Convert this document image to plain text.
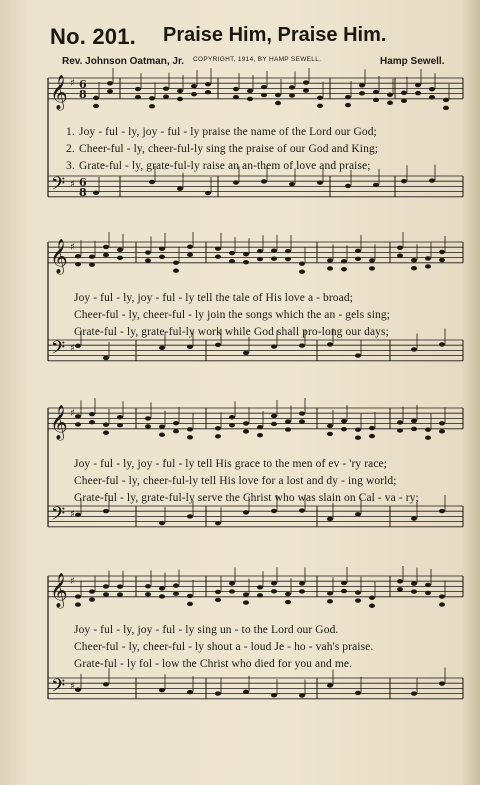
No. 201. Praise Him, Praise Him.
Rev. Johnson Oatman, Jr. COPYRIGHT, 1914, BY HAMP SEWELL.	Hamp Sewell.
𝄞
𝄢
♯
♯
6
6
8
8
1. Joy - ful - ly, joy - ful - ly praise the name of the Lord our God;
2. Cheer-ful - ly, cheer-ful-ly sing the praise of our God and King;
3. Grate-ful - ly, grate-ful-ly raise an an-them of love and praise;
𝄞
𝄢
♯
♯
Joy - ful - ly, joy - ful - ly tell the tale of His love a - broad;
Cheer-ful - ly, cheer-ful - ly join the songs which the an - gels sing;
Grate-ful - ly, grate-ful-ly work while God shall pro-long our days;
𝄞
𝄢
♯
♯
Joy - ful - ly, joy - ful - ly tell His grace to the men of ev - 'ry race;
Cheer-ful - ly, cheer-ful-ly tell His love for a lost and dy - ing world;
Grate-ful - ly, grate-ful-ly serve the Christ who was slain on Cal - va - ry;
𝄞
𝄢
♯
♯
Joy - ful - ly, joy - ful - ly sing un - to the Lord our God.
Cheer-ful - ly, cheer-ful - ly shout a - loud Je - ho - vah's praise.
Grate-ful - ly fol - low the Christ who died for you and me.
